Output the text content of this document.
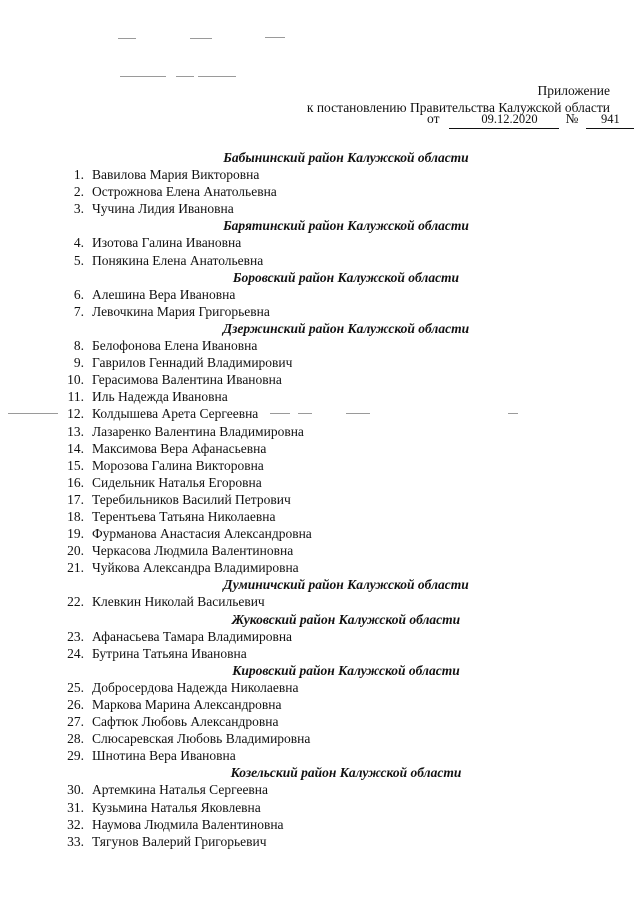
Приложение
к постановлению Правительства Калужской области
от	09.12.2020 № 941
Бабынинский район Калужской области
1. Вавилова Мария Викторовна
2. Острожнова Елена Анатольевна
3. Чучина Лидия Ивановна
Барятинский район Калужской области
4. Изотова Галина Ивановна
5. Понякина Елена Анатольевна
Боровский район Калужской области
6. Алешина Вера Ивановна
7. Левочкина Мария Григорьевна
Дзержинский район Калужской области
8. Белофонова Елена Ивановна
9. Гаврилов Геннадий Владимирович
10. Герасимова Валентина Ивановна
11. Иль Надежда Ивановна
12. Колдышева Арета Сергеевна
13. Лазаренко Валентина Владимировна
14. Максимова Вера Афанасьевна
15. Морозова Галина Викторовна
16. Сидельник Наталья Егоровна
17. Теребильников Василий Петрович
18. Терентьева Татьяна Николаевна
19. Фурманова Анастасия Александровна
20. Черкасова Людмила Валентиновна
21. Чуйкова Александра Владимировна
Думиничский район Калужской области
22. Клевкин Николай Васильевич
Жуковский район Калужской области
23. Афанасьева Тамара Владимировна
24. Бутрина Татьяна Ивановна
Кировский район Калужской области
25. Добросердова Надежда Николаевна
26. Маркова Марина Александровна
27. Сафтюк Любовь Александровна
28. Слюсаревская Любовь Владимировна
29. Шнотина Вера Ивановна
Козельский район Калужской области
30. Артемкина Наталья Сергеевна
31. Кузьмина Наталья Яковлевна
32. Наумова Людмила Валентиновна
33. Тягунов Валерий Григорьевич
